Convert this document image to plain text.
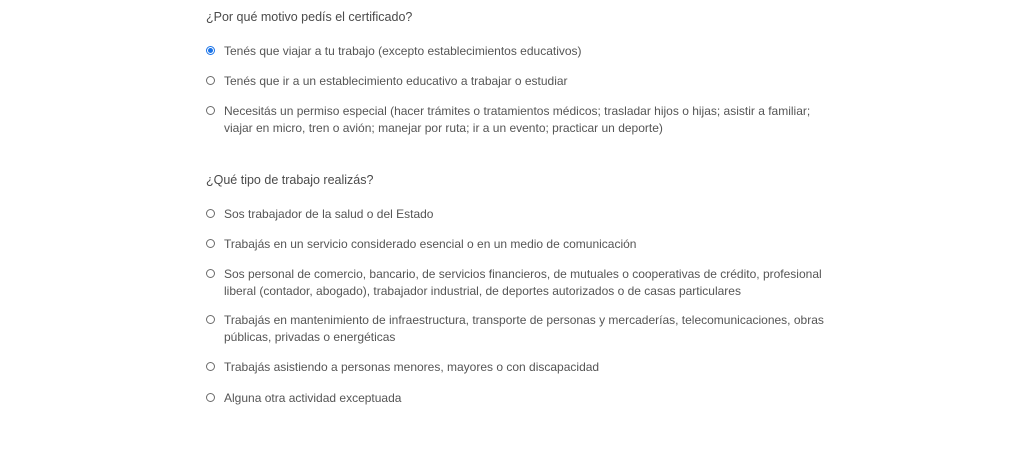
¿Por qué motivo pedís el certificado?

Tenés que viajar a tu trabajo (excepto establecimientos educativos)
Tenés que ir a un establecimiento educativo a trabajar o estudiar
Necesitás un permiso especial (hacer trámites o tratamientos médicos; trasladar hijos o hijas; asistir a familiar; viajar en micro, tren o avión; manejar por ruta; ir a un evento; practicar un deporte)

¿Qué tipo de trabajo realizás?

Sos trabajador de la salud o del Estado
Trabajás en un servicio considerado esencial o en un medio de comunicación
Sos personal de comercio, bancario, de servicios financieros, de mutuales o cooperativas de crédito, profesional liberal (contador, abogado), trabajador industrial, de deportes autorizados o de casas particulares
Trabajás en mantenimiento de infraestructura, transporte de personas y mercaderías, telecomunicaciones, obras públicas, privadas o energéticas
Trabajás asistiendo a personas menores, mayores o con discapacidad
Alguna otra actividad exceptuada
